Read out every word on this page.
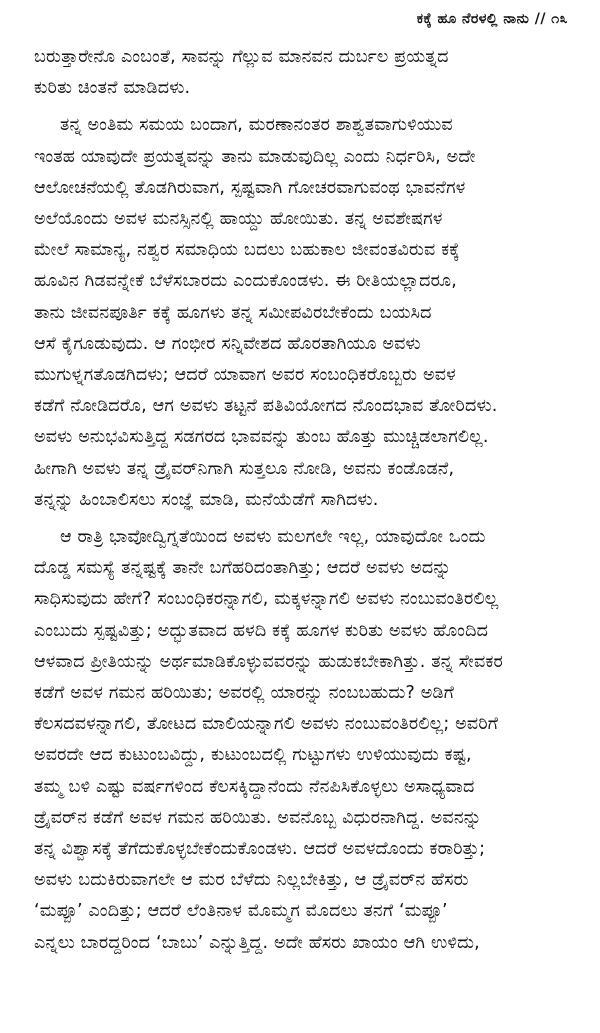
ಕಕ್ಕೆ ಹೂ ನೆರಳಲ್ಲಿ ನಾನು // ೧೩
ಬರುತ್ತಾರೇನೊ ಎಂಬಂತೆ, ಸಾವನ್ನು ಗೆಲ್ಲುವ ಮಾನವನ ದುರ್ಬಲ ಪ್ರಯತ್ನದ
ಕುರಿತು ಚಿಂತನೆ ಮಾಡಿದಳು.
ತನ್ನ ಅಂತಿಮ ಸಮಯ ಬಂದಾಗ, ಮರಣಾನಂತರ ಶಾಶ್ವತವಾಗುಳಿಯುವ
ಇಂತಹ ಯಾವುದೇ ಪ್ರಯತ್ನವನ್ನು ತಾನು ಮಾಡುವುದಿಲ್ಲ ಎಂದು ನಿರ್ಧರಿಸಿ, ಅದೇ
ಆಲೋಚನೆಯಲ್ಲಿ ತೊಡಗಿರುವಾಗ, ಸ್ಪಷ್ಟವಾಗಿ ಗೋಚರವಾಗುವಂಥ ಭಾವನೆಗಳ
ಅಲೆಯೊಂದು ಅವಳ ಮನಸ್ಸಿನಲ್ಲಿ ಹಾಯ್ದು ಹೋಯಿತು. ತನ್ನ ಅವಶೇಷಗಳ
ಮೇಲೆ ಸಾಮಾನ್ಯ, ನಶ್ವರ ಸಮಾಧಿಯ ಬದಲು ಬಹುಕಾಲ ಜೀವಂತವಿರುವ ಕಕ್ಕೆ
ಹೂವಿನ ಗಿಡವನ್ನೇಕೆ ಬೆಳೆಸಬಾರದು ಎಂದುಕೊಂಡಳು. ಈ ರೀತಿಯಲ್ಲಾದರೂ,
ತಾನು ಜೀವನಪೂರ್ತಿ ಕಕ್ಕೆ ಹೂಗಳು ತನ್ನ ಸಮೀಪವಿರಬೇಕೆಂದು ಬಯಸಿದ
ಆಸೆ ಕೈಗೂಡುವುದು. ಆ ಗಂಭೀರ ಸನ್ನಿವೇಶದ ಹೊರತಾಗಿಯೂ ಅವಳು
ಮುಗುಳ್ನಗತೊಡಗಿದಳು; ಆದರೆ ಯಾವಾಗ ಅವರ ಸಂಬಂಧಿಕರೊಬ್ಬರು ಅವಳ
ಕಡೆಗೆ ನೋಡಿದರೊ, ಆಗ ಅವಳು ತಟ್ಟನೆ ಪತಿವಿಯೋಗದ ನೊಂದಭಾವ ತೋರಿದಳು.
ಅವಳು ಅನುಭವಿಸುತ್ತಿದ್ದ ಸಡಗರದ ಭಾವವನ್ನು ತುಂಬ ಹೊತ್ತು ಮುಚ್ಚಿಡಲಾಗಲಿಲ್ಲ.
ಹೀಗಾಗಿ ಅವಳು ತನ್ನ ಡ್ರೈವರ್‌ನಿಗಾಗಿ ಸುತ್ತಲೂ ನೋಡಿ, ಅವನು ಕಂಡೊಡನೆ,
ತನ್ನನ್ನು ಹಿಂಬಾಲಿಸಲು ಸಂಜ್ಞೆ ಮಾಡಿ, ಮನೆಯೆಡೆಗೆ ಸಾಗಿದಳು.
ಆ ರಾತ್ರಿ ಭಾವೋದ್ವಿಗ್ನತೆಯಿಂದ ಅವಳು ಮಲಗಲೇ ಇಲ್ಲ, ಯಾವುದೋ ಒಂದು
ದೊಡ್ಡ ಸಮಸ್ಯೆ ತನ್ನಷ್ಟಕ್ಕೆ ತಾನೇ ಬಗೆಹರಿದಂತಾಗಿತ್ತು; ಆದರೆ ಅವಳು ಅದನ್ನು
ಸಾಧಿಸುವುದು ಹೇಗೆ? ಸಂಬಂಧಿಕರನ್ನಾಗಲಿ, ಮಕ್ಕಳನ್ನಾಗಲಿ ಅವಳು ನಂಬುವಂತಿರಲಿಲ್ಲ
ಎಂಬುದು ಸ್ಪಷ್ಟವಿತ್ತು; ಅದ್ಭುತವಾದ ಹಳದಿ ಕಕ್ಕೆ ಹೂಗಳ ಕುರಿತು ಅವಳು ಹೊಂದಿದ
ಆಳವಾದ ಪ್ರೀತಿಯನ್ನು ಅರ್ಥಮಾಡಿಕೊಳ್ಳುವವರನ್ನು ಹುಡುಕಬೇಕಾಗಿತ್ತು. ತನ್ನ ಸೇವಕರ
ಕಡೆಗೆ ಅವಳ ಗಮನ ಹರಿಯಿತು; ಅವರಲ್ಲಿ ಯಾರನ್ನು ನಂಬಬಹುದು? ಅಡಿಗೆ
ಕೆಲಸದವಳನ್ನಾಗಲಿ, ತೋಟದ ಮಾಲಿಯನ್ನಾಗಲಿ ಅವಳು ನಂಬುವಂತಿರಲಿಲ್ಲ; ಅವರಿಗೆ
ಅವರದೇ ಆದ ಕುಟುಂಬವಿದ್ದು, ಕುಟುಂಬದಲ್ಲಿ ಗುಟ್ಟುಗಳು ಉಳಿಯುವುದು ಕಷ್ಟ,
ತಮ್ಮ ಬಳಿ ಎಷ್ಟು ವರ್ಷಗಳಿಂದ ಕೆಲಸಕ್ಕಿದ್ದಾನೆಂದು ನೆನಪಿಸಿಕೊಳ್ಳಲು ಅಸಾಧ್ಯವಾದ
ಡ್ರೈವರ್‌ನ ಕಡೆಗೆ ಅವಳ ಗಮನ ಹರಿಯಿತು. ಅವನೊಬ್ಬ ವಿಧುರನಾಗಿದ್ದ. ಅವನನ್ನು
ತನ್ನ ವಿಶ್ವಾಸಕ್ಕೆ ತೆಗೆದುಕೊಳ್ಳಬೇಕೆಂದುಕೊಂಡಳು. ಆದರೆ ಅವಳದೊಂದು ಕರಾರಿತ್ತು;
ಅವಳು ಬದುಕಿರುವಾಗಲೇ ಆ ಮರ ಬೆಳೆದು ನಿಲ್ಲಬೇಕಿತ್ತು, ಆ ಡ್ರೈವರ್‌ನ ಹೆಸರು
‘ಮಪ್ಪೂ’ ಎಂದಿತ್ತು; ಆದರೆ ಲೆಂತಿನಾಳ ಮೊಮ್ಮಗ ಮೊದಲು ತನಗೆ ‘ಮಪ್ಪೂ’
ಎನ್ನಲು ಬಾರದ್ದರಿಂದ ‘ಬಾಬು’ ಎನ್ನುತ್ತಿದ್ದ. ಅದೇ ಹೆಸರು ಖಾಯಂ ಆಗಿ ಉಳಿದು,
